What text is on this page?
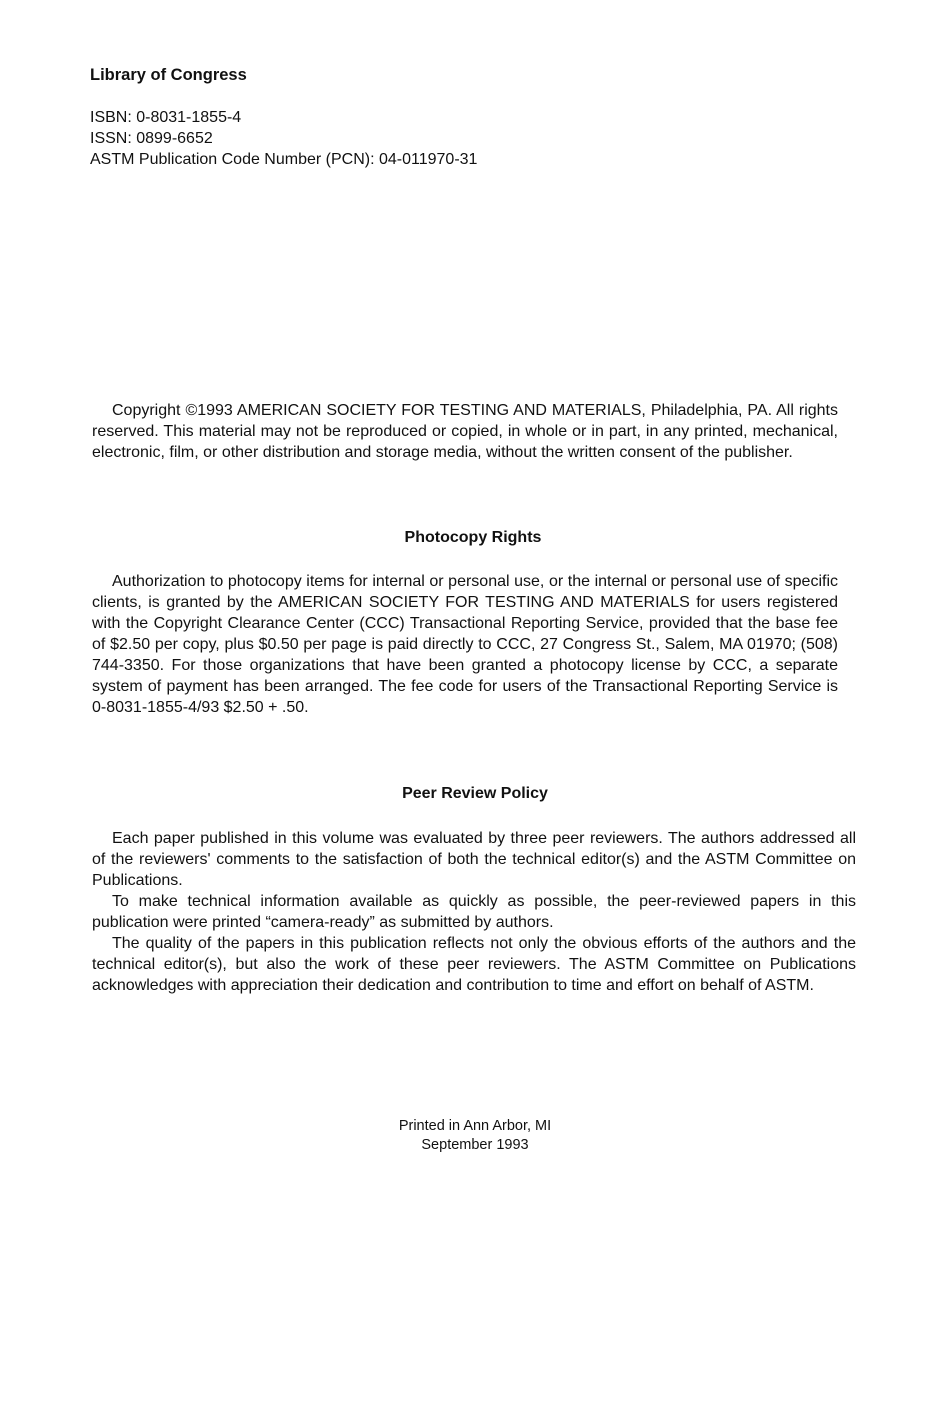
Library of Congress
ISBN: 0-8031-1855-4
ISSN: 0899-6652
ASTM Publication Code Number (PCN): 04-011970-31

Copyright ©1993 AMERICAN SOCIETY FOR TESTING AND MATERIALS, Philadelphia, PA. All rights reserved. This material may not be reproduced or copied, in whole or in part, in any printed, mechanical, electronic, film, or other distribution and storage media, without the written consent of the publisher.

Photocopy Rights

Authorization to photocopy items for internal or personal use, or the internal or personal use of specific clients, is granted by the AMERICAN SOCIETY FOR TESTING AND MATERIALS for users registered with the Copyright Clearance Center (CCC) Transactional Reporting Service, provided that the base fee of $2.50 per copy, plus $0.50 per page is paid directly to CCC, 27 Congress St., Salem, MA 01970; (508) 744-3350. For those organizations that have been granted a photocopy license by CCC, a separate system of payment has been arranged. The fee code for users of the Transactional Reporting Service is 0-8031-1855-4/93 $2.50 + .50.

Peer Review Policy

Each paper published in this volume was evaluated by three peer reviewers. The authors addressed all of the reviewers' comments to the satisfaction of both the technical editor(s) and the ASTM Committee on Publications.

To make technical information available as quickly as possible, the peer-reviewed papers in this publication were printed “camera-ready” as submitted by authors.

The quality of the papers in this publication reflects not only the obvious efforts of the authors and the technical editor(s), but also the work of these peer reviewers. The ASTM Committee on Publications acknowledges with appreciation their dedication and contribution to time and effort on behalf of ASTM.

Printed in Ann Arbor, MI
September 1993
